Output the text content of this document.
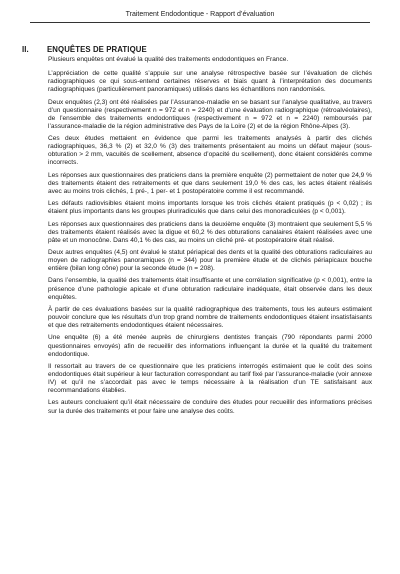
Traitement Endodontique - Rapport d’évaluation
II. ENQUÊTES DE PRATIQUE

Plusieurs enquêtes ont évalué la qualité des traitements endodontiques en France.

L’appréciation de cette qualité s’appuie sur une analyse rétrospective basée sur l’évaluation de clichés radiographiques ce qui sous-entend certaines réserves et biais quant à l’interprétation des documents radiographiques (particulièrement panoramiques) utilisés dans les échantillons non randomisés.

Deux enquêtes (2,3) ont été réalisées par l’Assurance-maladie en se basant sur l’analyse qualitative, au travers d’un questionnaire (respectivement n = 972 et n = 2240) et d’une évaluation radiographique (rétroalvéolaires), de l’ensemble des traitements endodontiques (respectivement n = 972 et n = 2240) remboursés par l’assurance-maladie de la région administrative des Pays de la Loire (2) et de la région Rhône-Alpes (3).

Ces deux études mettaient en évidence que parmi les traitements analysés à partir des clichés radiographiques, 36,3 % (2) et 32,0 % (3) des traitements présentaient au moins un défaut majeur (sous-obturation > 2 mm, vacuités de scellement, absence d’opacité du scellement), donc étaient considérés comme incorrects.

Les réponses aux questionnaires des praticiens dans la première enquête (2) permettaient de noter que 24,9 % des traitements étaient des retraitements et que dans seulement 19,0 % des cas, les actes étaient réalisés avec au moins trois clichés, 1 pré-, 1 per- et 1 postopératoire comme il est recommandé.

Les défauts radiovisibles étaient moins importants lorsque les trois clichés étaient pratiqués (p < 0,02) ; ils étaient plus importants dans les groupes pluriradiculés que dans celui des monoradiculées (p < 0,001).

Les réponses aux questionnaires des praticiens dans la deuxième enquête (3) montraient que seulement 5,5 % des traitements étaient réalisés avec la digue et 60,2 % des obturations canalaires étaient réalisées avec une pâte et un monocône. Dans 40,1 % des cas, au moins un cliché pré- et postopératoire était réalisé.

Deux autres enquêtes (4,5) ont évalué le statut périapical des dents et la qualité des obturations radiculaires au moyen de radiographies panoramiques (n = 344) pour la première étude et de clichés périapicaux bouche entière (bilan long cône) pour la seconde étude (n = 208).

Dans l’ensemble, la qualité des traitements était insuffisante et une corrélation significative (p < 0,001), entre la présence d’une pathologie apicale et d’une obturation radiculaire inadéquate, était observée dans les deux enquêtes.

À partir de ces évaluations basées sur la qualité radiographique des traitements, tous les auteurs estimaient pouvoir conclure que les résultats d’un trop grand nombre de traitements endodontiques étaient insatisfaisants et que des retraitements endodontiques étaient nécessaires.

Une enquête (6) a été menée auprès de chirurgiens dentistes français (790 répondants parmi 2000 questionnaires envoyés) afin de recueillir des informations influençant la durée et la qualité du traitement endodontique.

Il ressortait au travers de ce questionnaire que les praticiens interrogés estimaient que le coût des soins endodontiques était supérieur à leur facturation correspondant au tarif fixé par l’assurance-maladie (voir annexe IV) et qu’il ne s’accordait pas avec le temps nécessaire à la réalisation d’un TE satisfaisant aux recommandations établies.

Les auteurs concluaient qu’il était nécessaire de conduire des études pour recueillir des informations précises sur la durée des traitements et pour faire une analyse des coûts.
